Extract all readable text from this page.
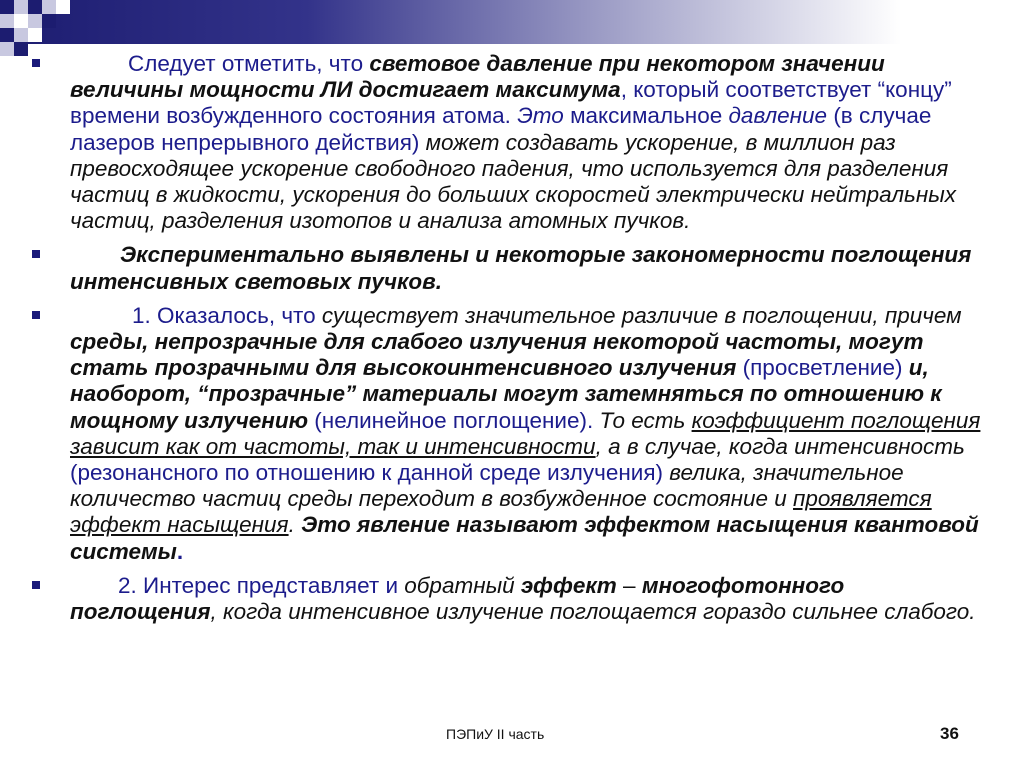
Следует отметить, что световое давление при некотором значении величины мощности ЛИ достигает максимума, который соответствует “концу” времени возбужденного состояния атома. Это максимальное давление (в случае лазеров непрерывного действия) может создавать ускорение, в миллион раз превосходящее ускорение свободного падения, что используется для разделения частиц в жидкости, ускорения до больших скоростей электрически нейтральных частиц, разделения изотопов и анализа атомных пучков.
Экспериментально выявлены и некоторые закономерности поглощения интенсивных световых пучков.
1. Оказалось, что существует значительное различие в поглощении, причем среды, непрозрачные для слабого излучения некоторой частоты, могут стать прозрачными для высокоинтенсивного излучения (просветление) и, наоборот, “прозрачные” материалы могут затемняться по отношению к мощному излучению (нелинейное поглощение). То есть коэффициент поглощения зависит как от частоты, так и интенсивности, а в случае, когда интенсивность (резонансного по отношению к данной среде излучения) велика, значительное количество частиц среды переходит в возбужденное состояние и проявляется эффект насыщения. Это явление называют эффектом насыщения квантовой системы.
2. Интерес представляет и обратный эффект – многофотонного поглощения, когда интенсивное излучение поглощается гораздо сильнее слабого.
ПЭПиУ II часть	36
